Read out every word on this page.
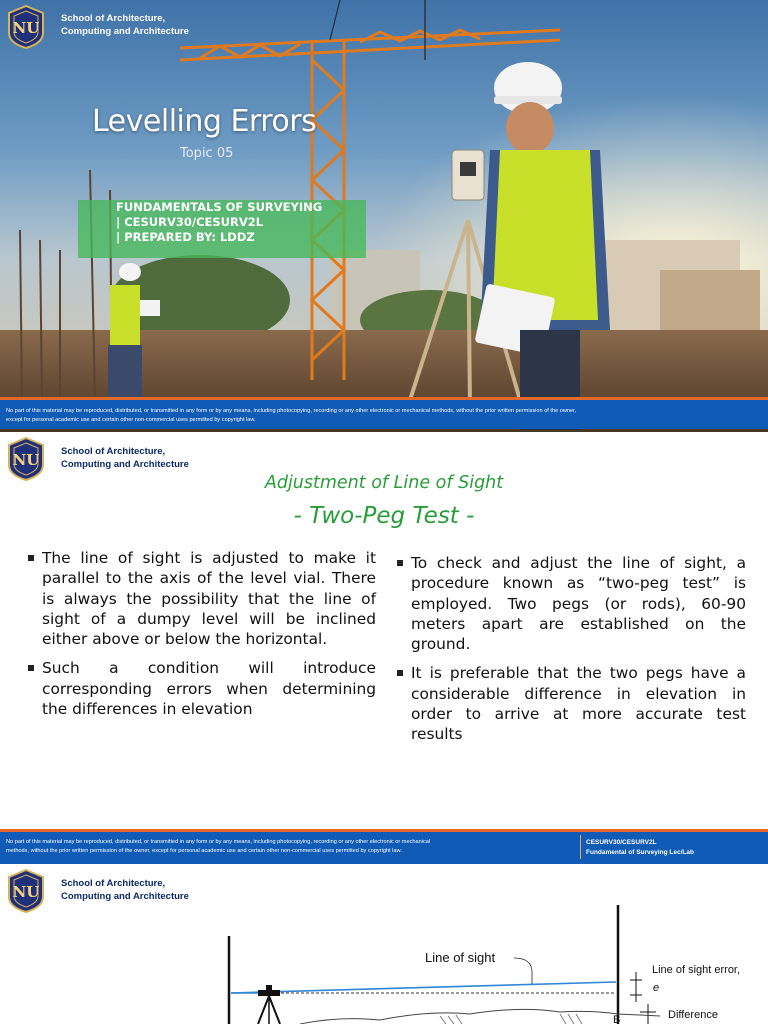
NU
School of Architecture,
Computing and Architecture
Levelling Errors
Topic 05
FUNDAMENTALS OF SURVEYING
| CESURV30/CESURV2L
| PREPARED BY: LDDZ
No part of this material may be reproduced, distributed, or transmitted in any form or by any means, including photocopying, recording or any other electronic or mechanical methods, without the prior written permission of the owner,
except for personal academic use and certain other non-commercial uses permitted by copyright law.
NU School of Architecture,
Computing and Architecture
Adjustment of Line of Sight
- Two-Peg Test -
The line of sight is adjusted to make it parallel to the axis of the level vial. There is always the possibility that the line of sight of a dumpy level will be inclined either above or below the horizontal.
Such a condition will introduce corresponding errors when determining the differences in elevation
To check and adjust the line of sight, a procedure known as “two-peg test” is employed. Two pegs (or rods), 60-90 meters apart are established on the ground.
It is preferable that the two pegs have a considerable difference in elevation in order to arrive at more accurate test results
No part of this material may be reproduced, distributed, or transmitted in any form or by any means, including photocopying, recording or any other electronic or mechanical
methods, without the prior written permission of the owner, except for personal academic use and certain other non-commercial uses permitted by copyright law.
CESURV30/CESURV2L
Fundamental of Surveying Lec/Lab
NU School of Architecture,
Computing and Architecture
Line of sight
Line of sight error,
e
Difference
B
